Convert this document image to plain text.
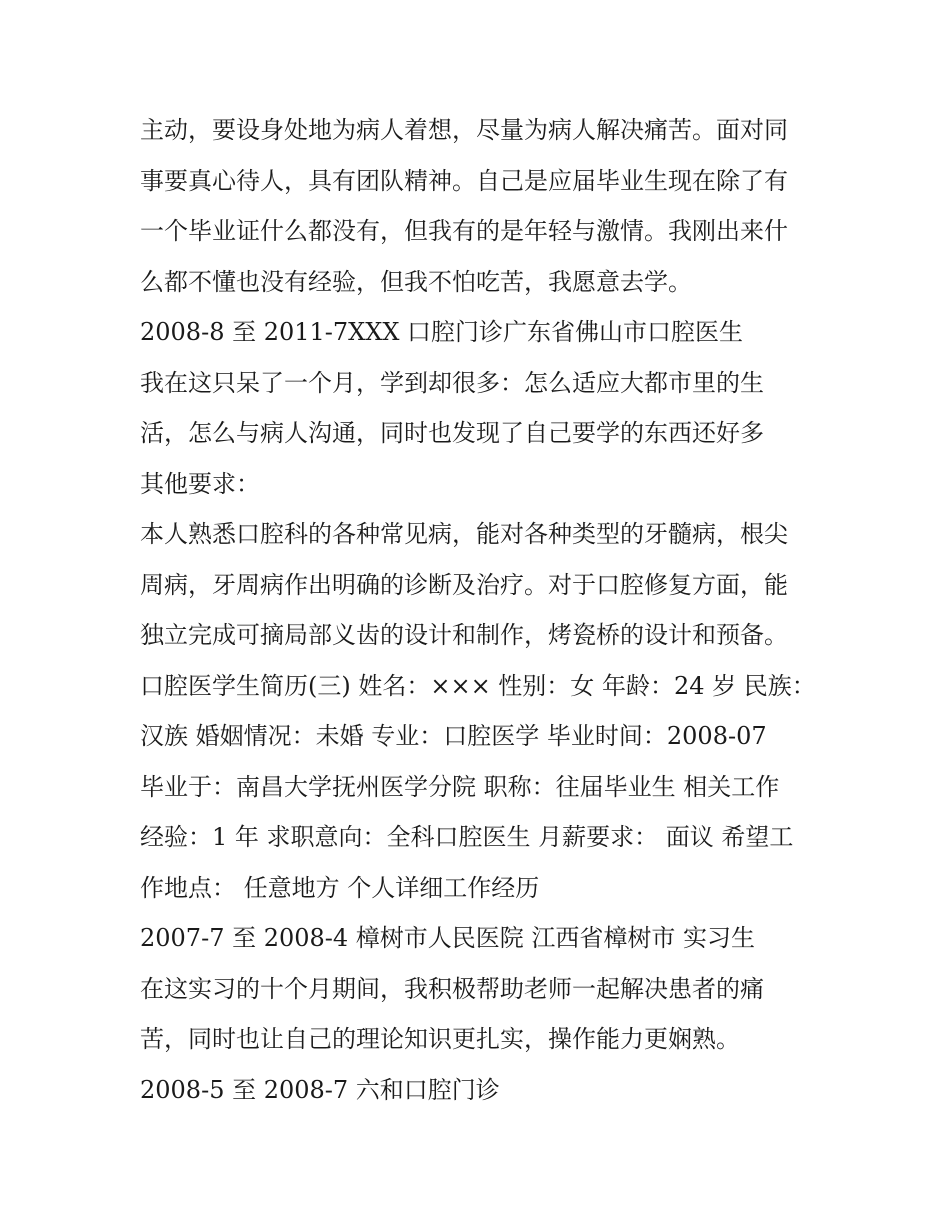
主动，要设身处地为病人着想，尽量为病人解决痛苦。面对同
事要真心待人，具有团队精神。自己是应届毕业生现在除了有
一个毕业证什么都没有，但我有的是年轻与激情。我刚出来什
么都不懂也没有经验，但我不怕吃苦，我愿意去学。
2008-8 至 2011-7XXX 口腔门诊广东省佛山市口腔医生
我在这只呆了一个月，学到却很多：怎么适应大都市里的生
活，怎么与病人沟通，同时也发现了自己要学的东西还好多
其他要求：
本人熟悉口腔科的各种常见病，能对各种类型的牙髓病，根尖
周病，牙周病作出明确的诊断及治疗。对于口腔修复方面，能
独立完成可摘局部义齿的设计和制作，烤瓷桥的设计和预备。
口腔医学生简历(三) 姓名：××× 性别：女 年龄：24 岁 民族：
汉族 婚姻情况：未婚 专业：口腔医学 毕业时间：2008-07
毕业于：南昌大学抚州医学分院 职称：往届毕业生 相关工作
经验：1 年 求职意向：全科口腔医生 月薪要求： 面议 希望工
作地点： 任意地方 个人详细工作经历
2007-7 至 2008-4 樟树市人民医院 江西省樟树市 实习生
在这实习的十个月期间，我积极帮助老师一起解决患者的痛
苦，同时也让自己的理论知识更扎实，操作能力更娴熟。
2008-5 至 2008-7 六和口腔门诊
